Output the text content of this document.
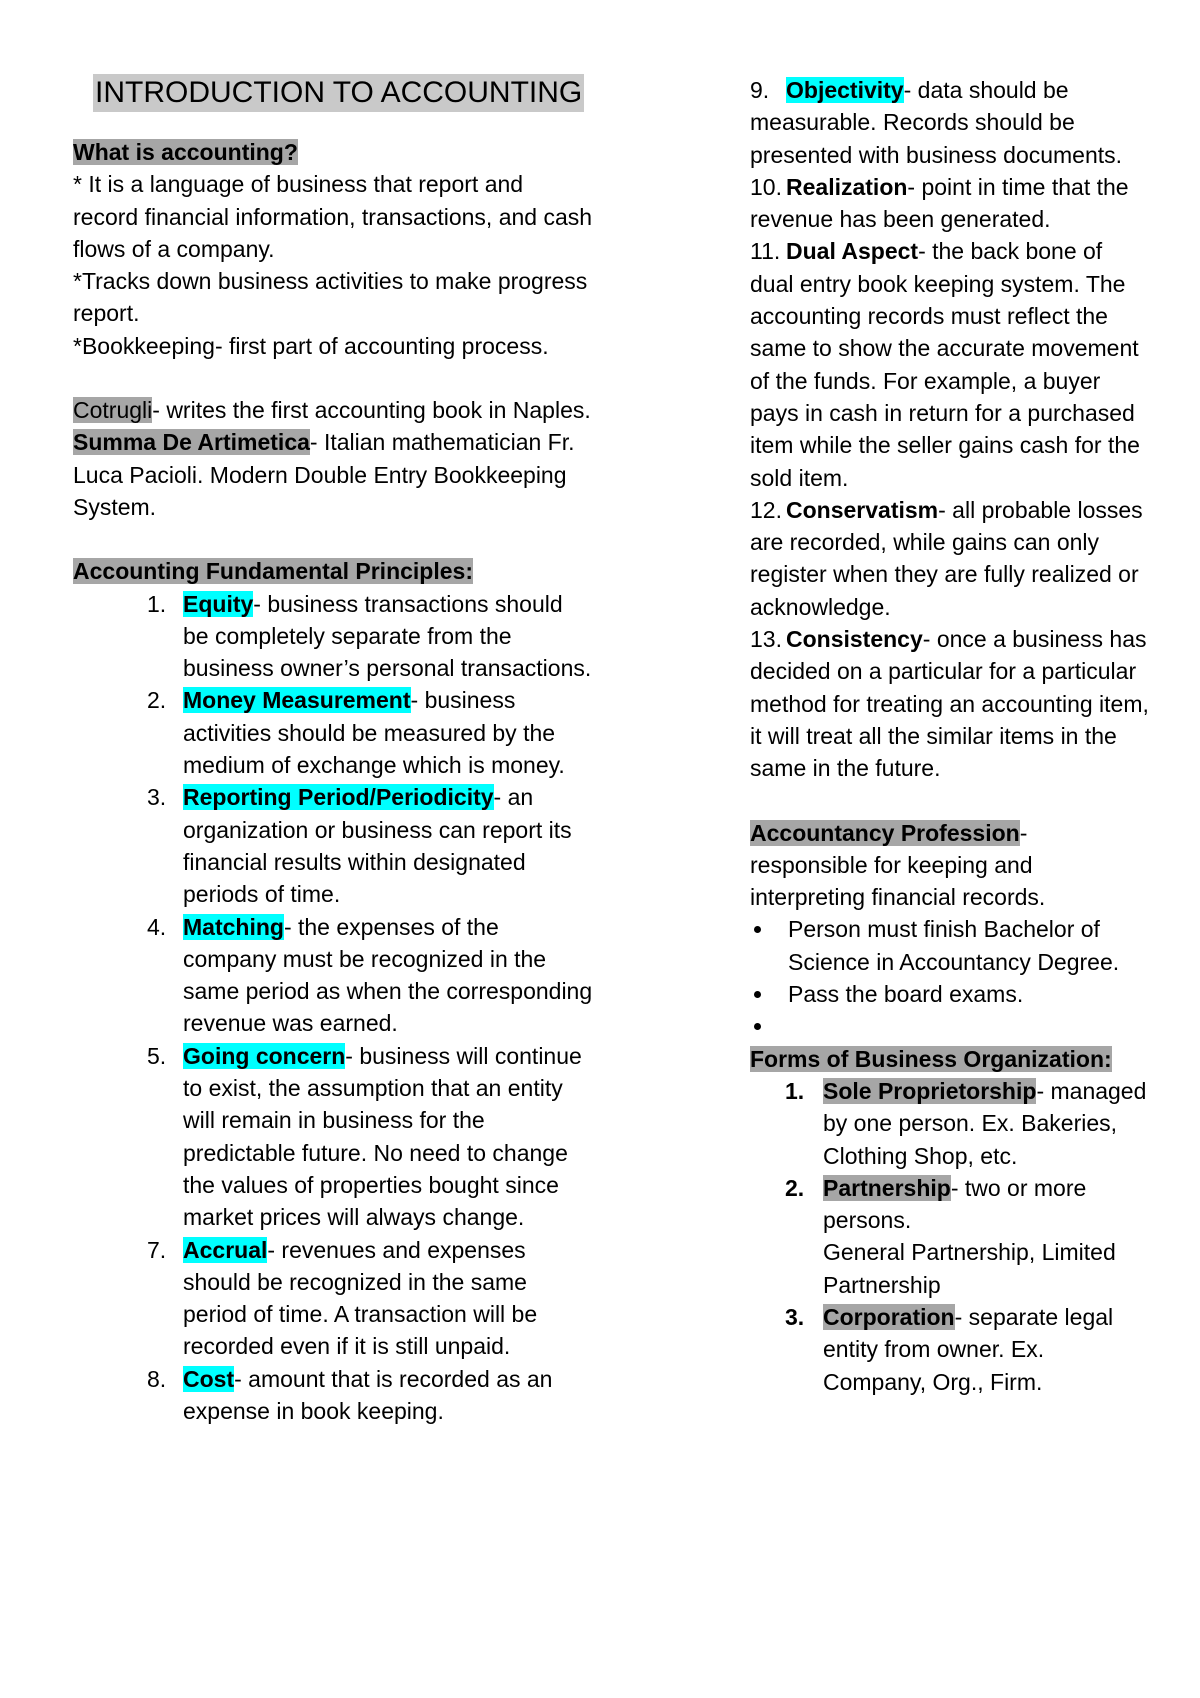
INTRODUCTION TO ACCOUNTING

What is accounting?

* It is a language of business that report and record financial information, transactions, and cash flows of a company.

*Tracks down business activities to make progress report.

*Bookkeeping- first part of accounting process.

Cotrugli- writes the first accounting book in Naples.

Summa De Artimetica- Italian mathematician Fr. Luca Pacioli. Modern Double Entry Bookkeeping System.

Accounting Fundamental Principles:

1. Equity- business transactions should be completely separate from the business owner’s personal transactions.
2. Money Measurement- business activities should be measured by the medium of exchange which is money.
3. Reporting Period/Periodicity- an organization or business can report its financial results within designated periods of time.
4. Matching- the expenses of the company must be recognized in the same period as when the corresponding revenue was earned.
5. Going concern- business will continue to exist, the assumption that an entity will remain in business for the predictable future. No need to change the values of properties bought since market prices will always change.
7. Accrual- revenues and expenses should be recognized in the same period of time. A transaction will be recorded even if it is still unpaid.
8. Cost- amount that is recorded as an expense in book keeping.
9. Objectivity- data should be measurable. Records should be presented with business documents.
10. Realization- point in time that the revenue has been generated.
11. Dual Aspect- the back bone of dual entry book keeping system. The accounting records must reflect the same to show the accurate movement of the funds. For example, a buyer pays in cash in return for a purchased item while the seller gains cash for the sold item.
12. Conservatism- all probable losses are recorded, while gains can only register when they are fully realized or acknowledge.
13. Consistency- once a business has decided on a particular for a particular method for treating an accounting item, it will treat all the similar items in the same in the future.

Accountancy Profession- responsible for keeping and interpreting financial records.

Person must finish Bachelor of Science in Accountancy Degree.
Pass the board exams.

Forms of Business Organization:

1. Sole Proprietorship- managed by one person. Ex. Bakeries, Clothing Shop, etc.
2. Partnership- two or more persons.
General Partnership, Limited Partnership
3. Corporation- separate legal entity from owner. Ex. Company, Org., Firm.
